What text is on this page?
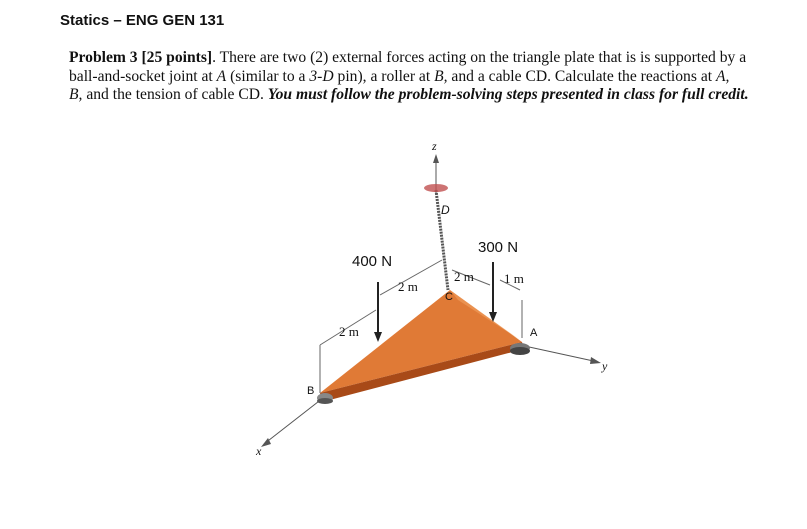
Statics – ENG GEN 131
Problem 3 [25 points]. There are two (2) external forces acting on the triangle plate that is is supported by a ball-and-socket joint at A (similar to a 3-D pin), a roller at B, and a cable CD. Calculate the reactions at A,
B, and the tension of cable CD. You must follow the problem-solving steps presented in class for full credit.
400 N
300 N
2 m
2 m
2 m
1 m
z
x
y
D
C
A
B
